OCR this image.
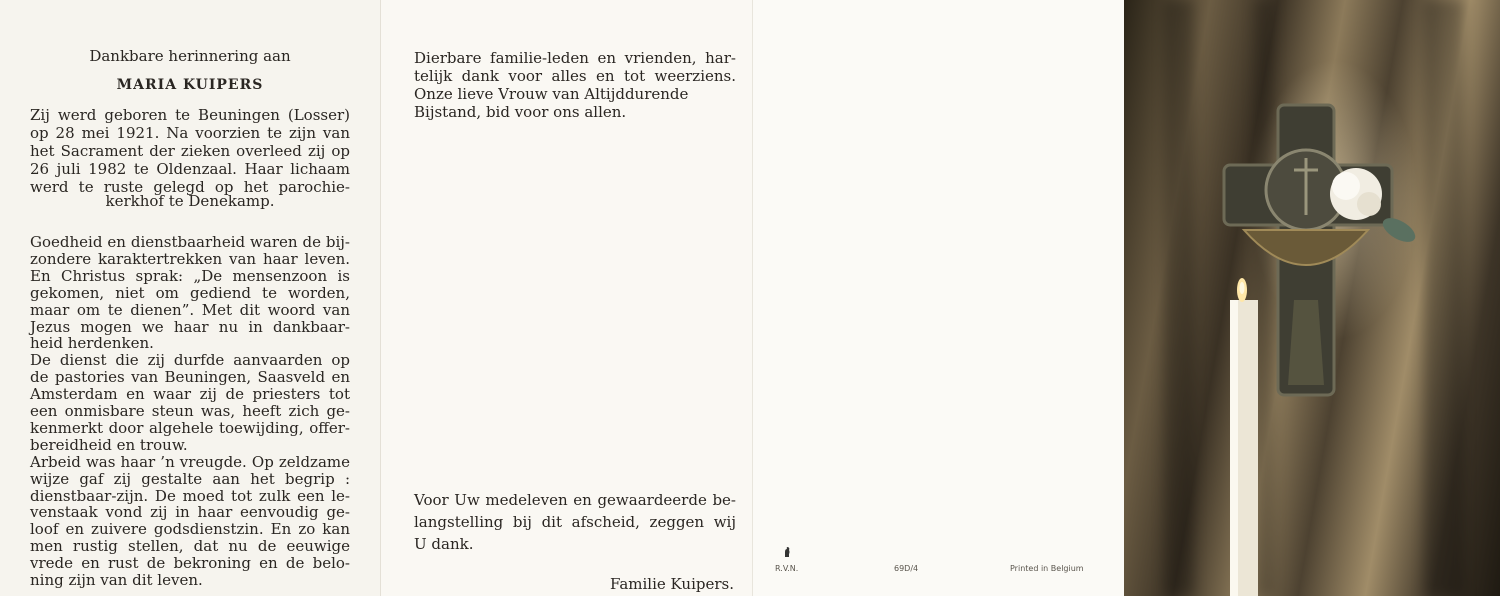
Dankbare herinnering aan
MARIA KUIPERS
Zij werd geboren te Beuningen (Losser)
op 28 mei 1921. Na voorzien te zijn van
het Sacrament der zieken overleed zij op
26 juli 1982 te Oldenzaal. Haar lichaam
werd te ruste gelegd op het parochie-
kerkhof te Denekamp.
Goedheid en dienstbaarheid waren de bij-
zondere karaktertrekken van haar leven.
En Christus sprak: „De mensenzoon is
gekomen, niet om gediend te worden,
maar om te dienen”. Met dit woord van
Jezus mogen we haar nu in dankbaar-
heid herdenken.
De dienst die zij durfde aanvaarden op
de pastories van Beuningen, Saasveld en
Amsterdam en waar zij de priesters tot
een onmisbare steun was, heeft zich ge-
kenmerkt door algehele toewijding, offer-
bereidheid en trouw.
Arbeid was haar ’n vreugde. Op zeldzame
wijze gaf zij gestalte aan het begrip :
dienstbaar-zijn. De moed tot zulk een le-
venstaak vond zij in haar eenvoudig ge-
loof en zuivere godsdienstzin. En zo kan
men rustig stellen, dat nu de eeuwige
vrede en rust de bekroning en de belo-
ning zijn van dit leven.
Dierbare familie-leden en vrienden, har-
telijk dank voor alles en tot weerziens.
Onze lieve Vrouw van Altijddurende
Bijstand, bid voor ons allen.
Voor Uw medeleven en gewaardeerde be-
langstelling bij dit afscheid, zeggen wij
U dank.
Familie Kuipers.
R.V.N.	69D/4	Printed in Belgium
